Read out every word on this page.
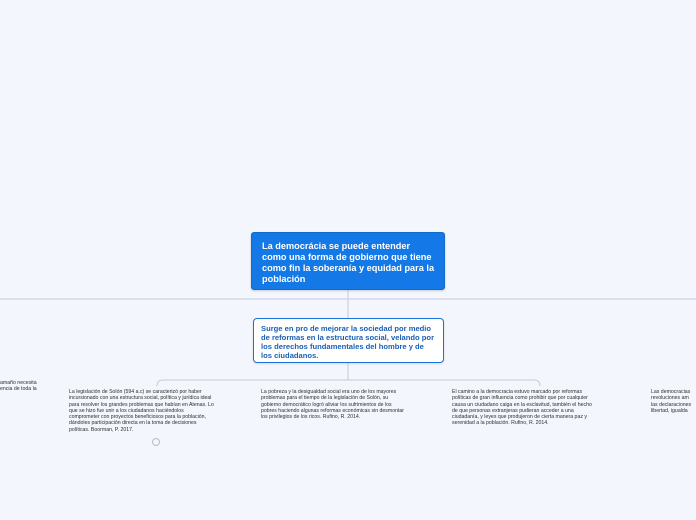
La democrácia se puede entender como una forma de gobierno que tiene como fin la soberanía y equidad para la población
Surge en pro de mejorar la sociedad por medio de reformas en la estructura social, velando por los derechos fundamentales del hombre y de los ciudadanos.
amaño necesita
encia de toda la	La legislación de Solón (594 a.c) se caracterizó por haber
incursionado con una estructura social, política y jurídica ideal
para resolver los grandes problemas que habían en Atenas. Lo
que se hizo fue unir a los ciudadanos haciéndolos
comprometer con proyectos beneficiosos para la población,
dándoles participación directa en la toma de decisiones
políticas. Boorman, P. 2017.
La pobreza y la desigualdad social era uno de los mayores
problemas para el tiempo de la legislación de Solón, su
gobierno democrático logró aliviar los sufrimientos de los
pobres haciendo algunas reformas económicas sin desmontar
los privilegios de los ricos. Rufino, R. 2014.
El camino a la democracia estuvo marcado por reformas
políticas de gran influencia como prohibir que por cualquier
causa un ciudadano caiga en la esclavitud, también el hecho
de que personas extranjeras pudieran acceder a una
ciudadanía, y leyes que produjeron de cierta manera paz y
serenidad a la población. Rufino, R. 2014.
Las democracias
revoluciones am
las declaraciones
libertad, igualda
